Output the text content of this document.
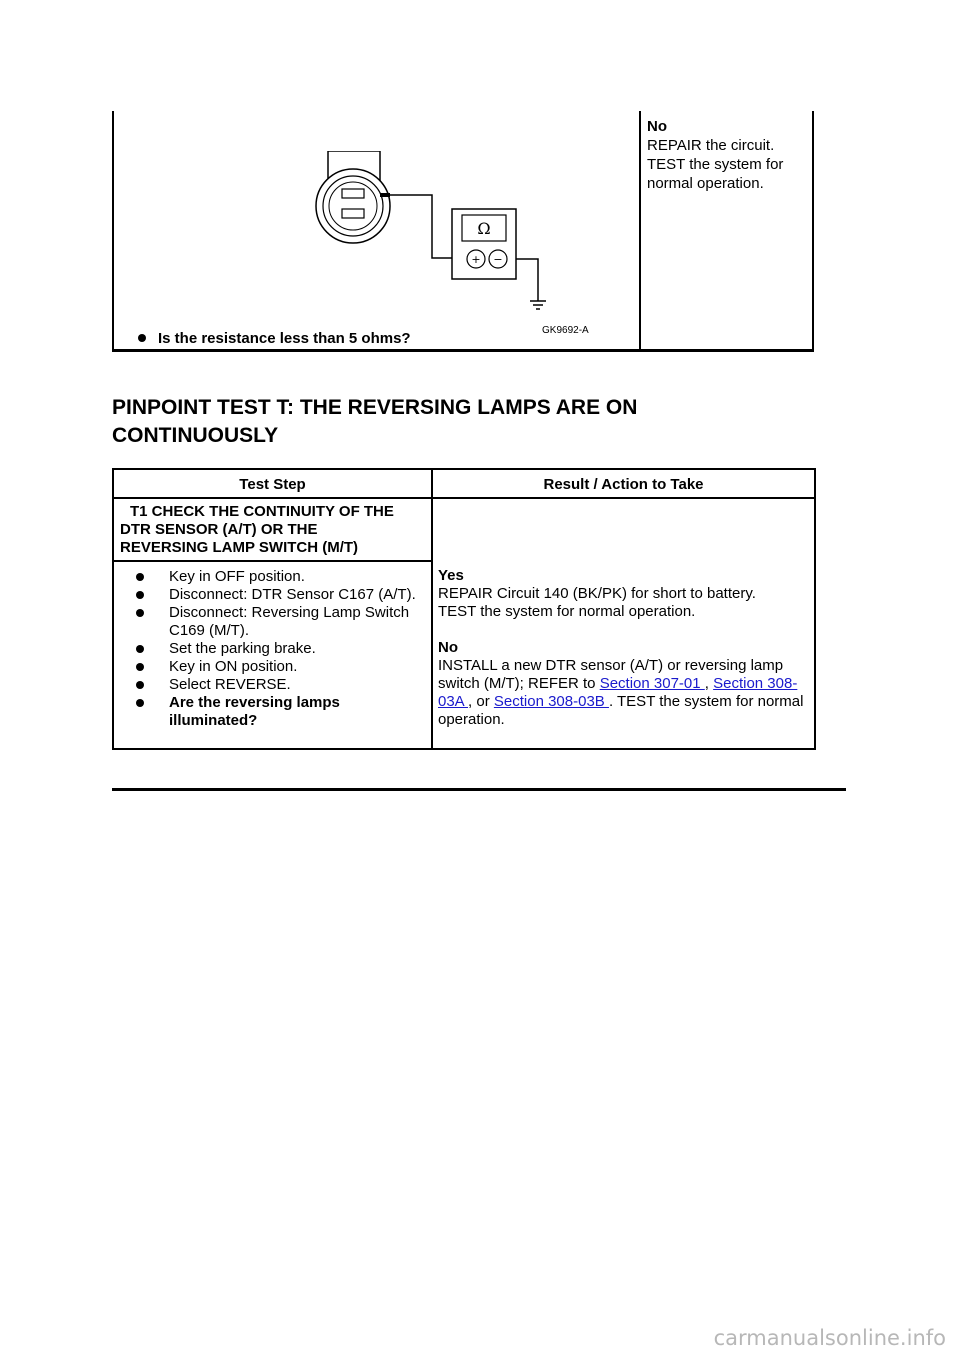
Ω
+ −
GK9692-A
Is the resistance less than 5 ohms?
No
REPAIR the circuit.
TEST the system for
normal operation.
PINPOINT TEST T: THE REVERSING LAMPS ARE ON
CONTINUOUSLY
Test Step	Result / Action to Take
T1 CHECK THE CONTINUITY OF THE
DTR SENSOR (A/T) OR THE
REVERSING LAMP SWITCH (M/T)
Key in OFF position.
Disconnect: DTR Sensor C167 (A/T).
Disconnect: Reversing Lamp Switch C169 (M/T).
Set the parking brake.
Key in ON position.
Select REVERSE.
Are the reversing lamps illuminated?
Yes
REPAIR Circuit 140 (BK/PK) for short to battery.
TEST the system for normal operation.
No
INSTALL a new DTR sensor (A/T) or reversing lamp switch (M/T); REFER to Section 307-01 , Section 308-03A , or Section 308-03B . TEST the system for normal operation.
carmanualsonline.info
